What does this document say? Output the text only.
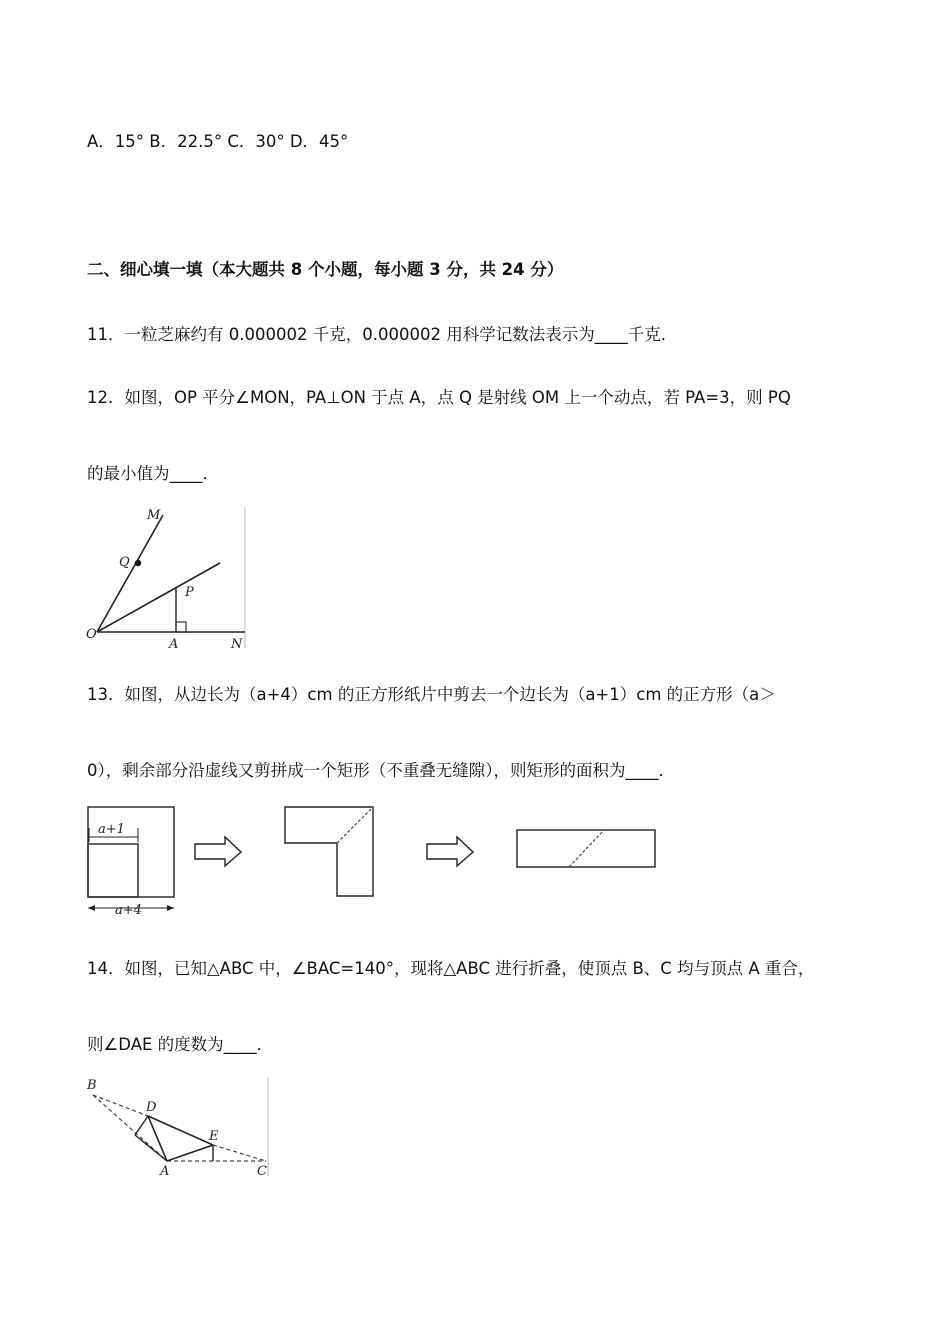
A．15° B．22.5° C．30° D．45°
二、细心填一填（本大题共 8 个小题，每小题 3 分，共 24 分）
11．一粒芝麻约有 0.000002 千克，0.000002 用科学记数法表示为____千克．
12．如图，OP 平分∠MON，PA⊥ON 于点 A，点 Q 是射线 OM 上一个动点，若 PA=3，则 PQ
的最小值为____．
M
Q
P
O
A	N
13．如图，从边长为（a+4）cm 的正方形纸片中剪去一个边长为（a+1）cm 的正方形（a＞
0），剩余部分沿虚线又剪拼成一个矩形（不重叠无缝隙），则矩形的面积为____．
a+1
a+4
14．如图，已知△ABC 中，∠BAC=140°，现将△ABC 进行折叠，使顶点 B、C 均与顶点 A 重合，
则∠DAE 的度数为____．
B
D
E
A	C
